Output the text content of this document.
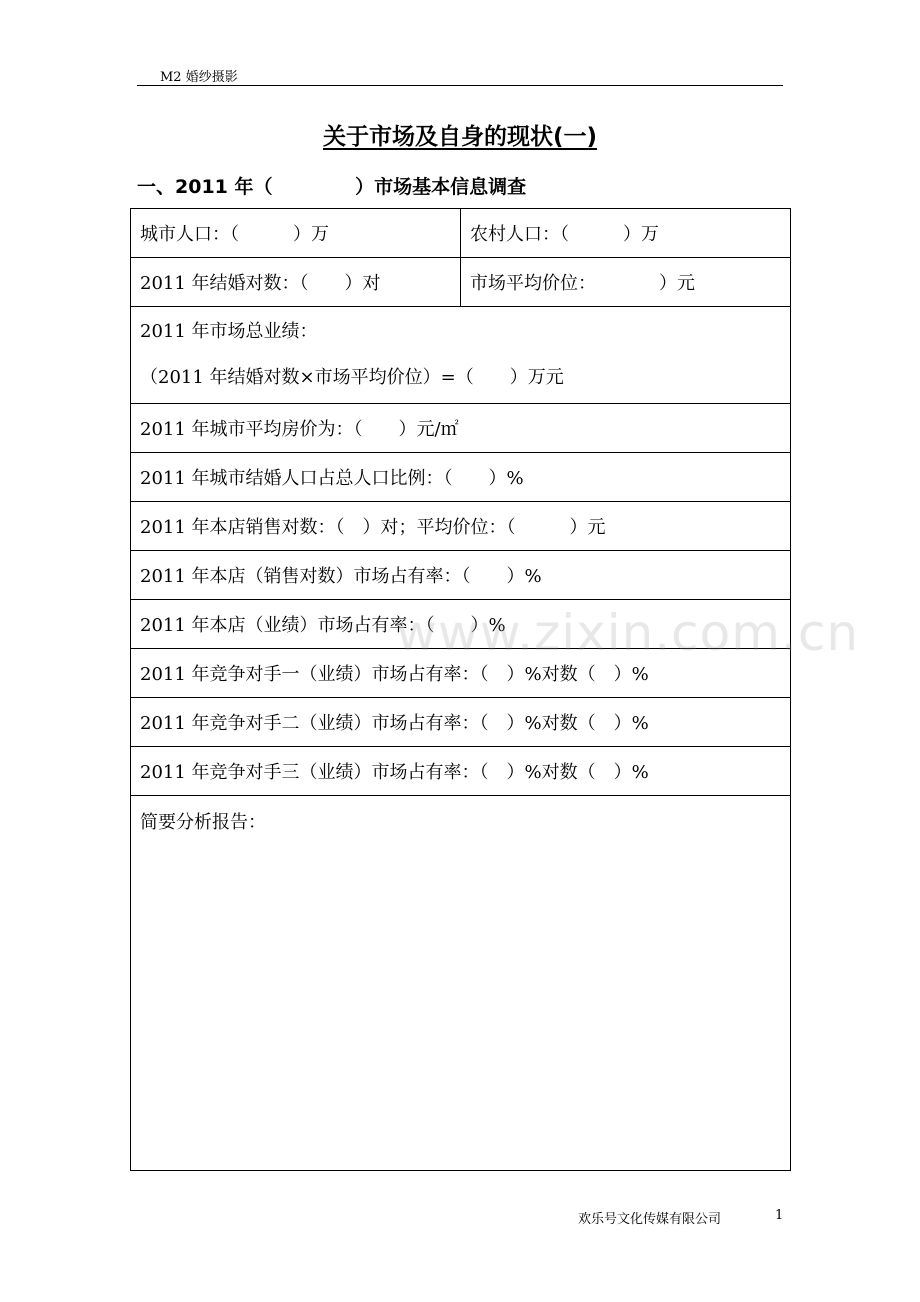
M2 婚纱摄影
关于市场及自身的现状(一)
一、2011 年（　　　　 ）市场基本信息调查
城市人口：（　　　）万	农村人口：（　　　）万
2011 年结婚对数：（　　）对	市场平均价位：　　　　）元

2011 年市场总业绩：
（2011 年结婚对数×市场平均价位）=（　　）万元	

2011 年城市平均房价为：（　　）元/㎡	
2011 年城市结婚人口占总人口比例：（　　）%	
2011 年本店销售对数：（　）对；平均价位：（　　　）元	
2011 年本店（销售对数）市场占有率：（　　）%	
2011 年本店（业绩）市场占有率：（　　）%	
2011 年竞争对手一（业绩）市场占有率：（　）%对数（　）%	
2011 年竞争对手二（业绩）市场占有率：（　）%对数（　）%	
2011 年竞争对手三（业绩）市场占有率：（　）%对数（　）%	
简要分析报告：	
www.zixin.com.cn
欢乐号文化传媒有限公司	1
